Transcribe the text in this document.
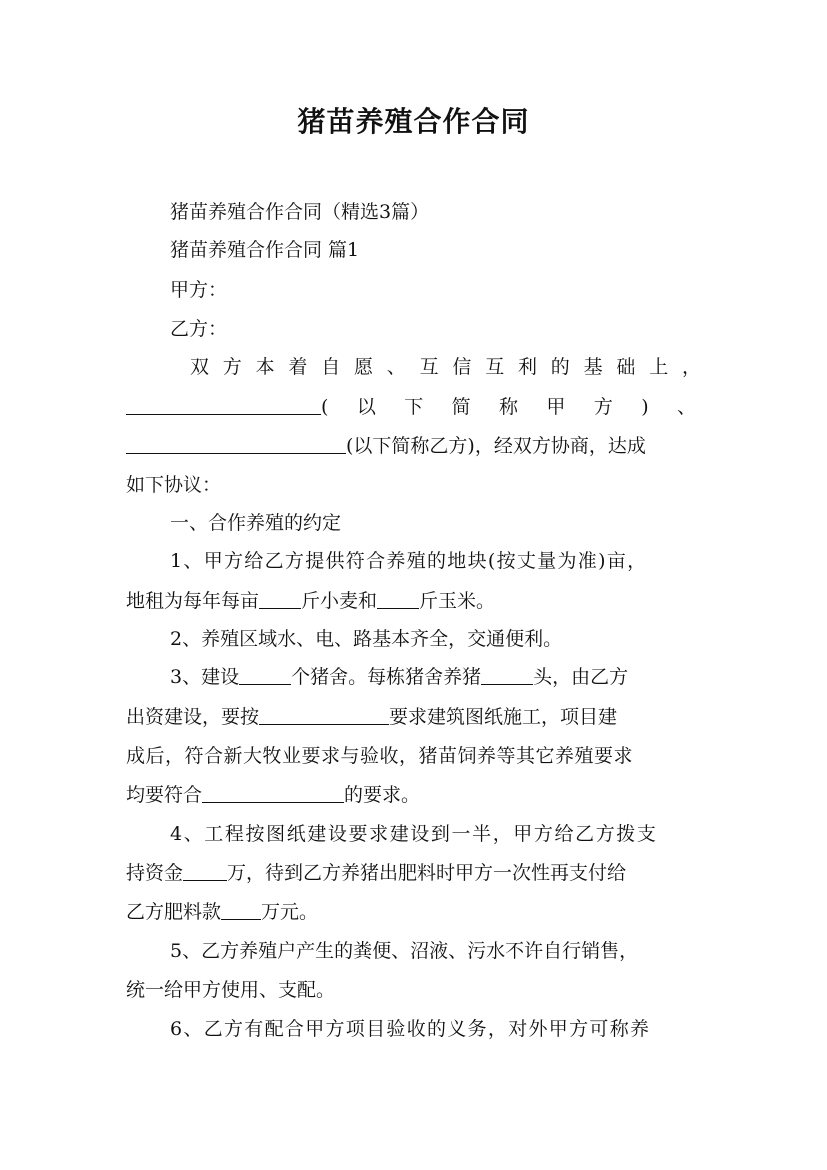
猪苗养殖合作合同
猪苗养殖合作合同（精选3篇）
猪苗养殖合作合同 篇1
甲方：
乙方：
双方本着自愿、互信互利的基础上，
(以下简称甲方)、
(以下简称乙方)，经双方协商，达成
如下协议：
一、合作养殖的约定
1、甲方给乙方提供符合养殖的地块(按丈量为准)亩，
地租为每年每亩 斤小麦和 斤玉米。
2、养殖区域水、电、路基本齐全，交通便利。
3、建设	个猪舍。每栋猪舍养猪	头，由乙方
出资建设，要按	要求建筑图纸施工，项目建
成后，符合新大牧业要求与验收，猪苗饲养等其它养殖要求
均要符合	的要求。
4、工程按图纸建设要求建设到一半，甲方给乙方拨支
持资金 万，待到乙方养猪出肥料时甲方一次性再支付给
乙方肥料款 万元。
5、乙方养殖户产生的粪便、沼液、污水不许自行销售，
统一给甲方使用、支配。
6、乙方有配合甲方项目验收的义务，对外甲方可称养
